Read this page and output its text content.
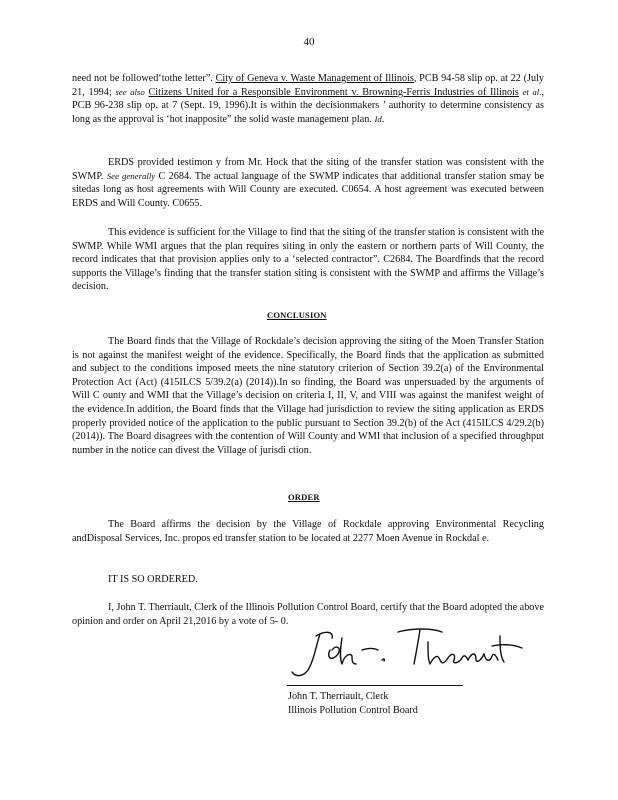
40
need not be followed‘tothe letter”. City of Geneva v. Waste Management of Illinois, PCB 94-58 slip op. at 22 (July 21, 1994; see also Citizens United for a Responsible Environment v. Browning-Ferris Industries of Illinois et al., PCB 96-238 slip op. at 7 (Sept. 19, 1996).It is within the decisionmakers ’ authority to determine consistency as long as the approval is ‘hot inapposite” the solid waste management plan. Id.
ERDS provided testimon y from Mr. Hock that the siting of the transfer station was consistent with the SWMP. See generally C 2684. The actual language of the SWMP indicates that additional transfer station smay be sitedas long as host agreements with Will County are executed. C0654. A host agreement was executed between ERDS and Will County. C0655.
This evidence is sufficient for the Village to find that the siting of the transfer station is consistent with the SWMP. While WMI argues that the plan requires siting in only the eastern or northern parts of Will County, the record indicates that that provision applies only to a ‘selected contractor”. C2684. The Boardfinds that the record supports the Village’s finding that the transfer station siting is consistent with the SWMP and affirms the Village’s decision.
CONCLUSION
The Board finds that the Village of Rockdale’s decision approving the siting of the Moen Transfer Station is not against the manifest weight of the evidence. Specifically, the Board finds that the application as submitted and subject to the conditions imposed meets the nine statutory criterion of Section 39.2(a) of the Environmental Protection Act (Act) (415ILCS 5/39.2(a) (2014)).In so finding, the Board was unpersuaded by the arguments of Will C ounty and WMI that the Village’s decision on criteria I, II, V, and VIII was against the manifest weight of the evidence.In addition, the Board finds that the Village had jurisdiction to review the siting application as ERDS properly provided notice of the application to the public pursuant to Section 39.2(b) of the Act (415ILCS 4/29.2(b) (2014)). The Board disagrees with the contention of Will County and WMI that inclusion of a specified throughput number in the notice can divest the Village of jurisdi ction.
ORDER
The Board affirms the decision by the Village of Rockdale approving Environmental Recycling andDisposal Services, Inc. propos ed transfer station to be located at 2277 Moen Avenue in Rockdal e.
IT IS SO ORDERED.
I, John T. Therriault, Clerk of the Illinois Pollution Control Board, certify that the Board adopted the above opinion and order on April 21,2016 by a vote of 5- 0.
John T. Therriault, Clerk
Illinois Pollution Control Board
